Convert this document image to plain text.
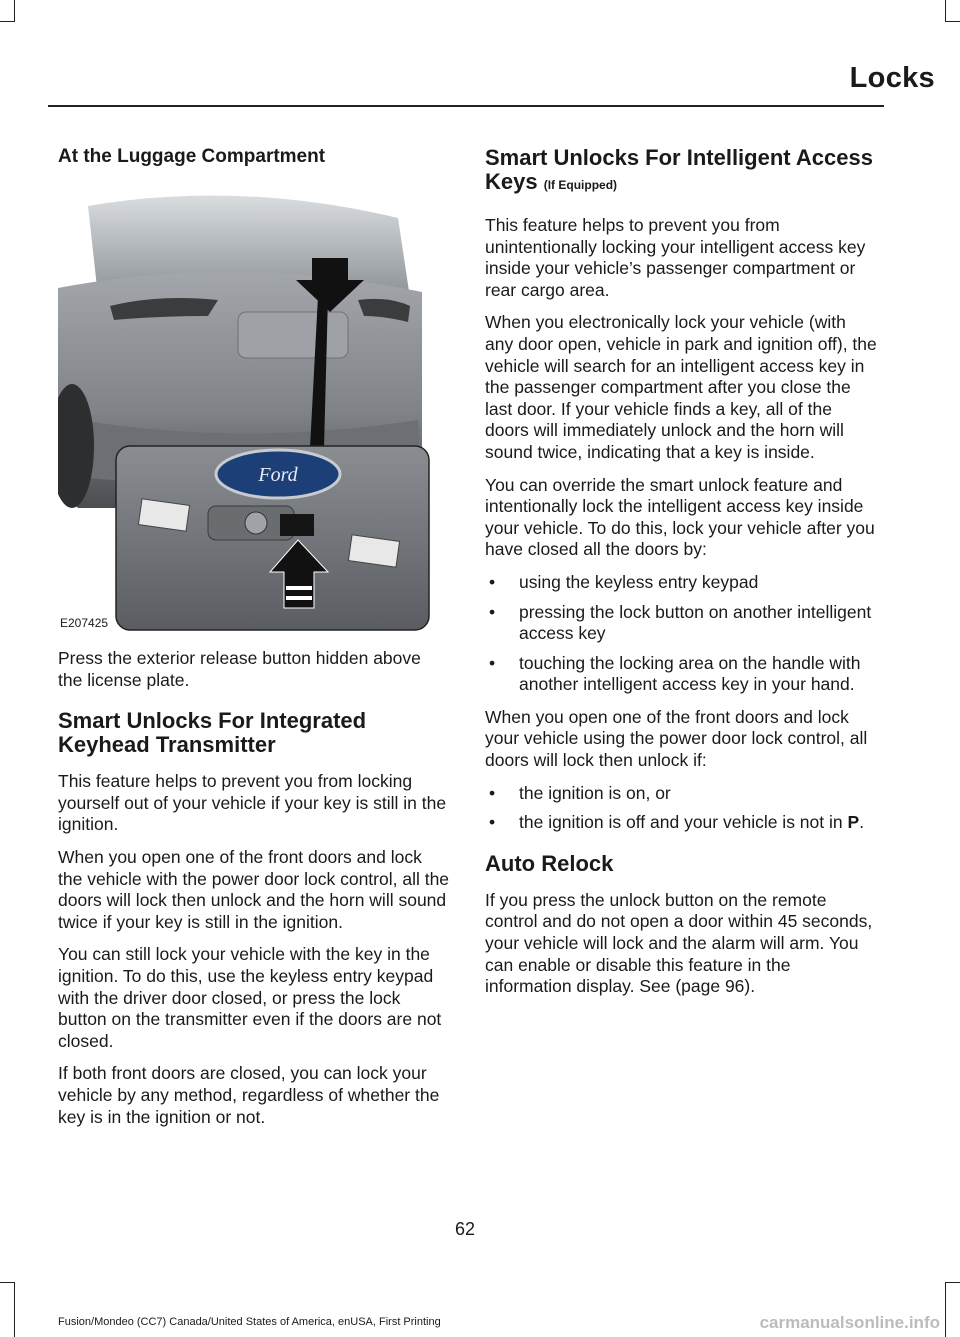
Locks
At the Luggage Compartment
Ford
E207425

Press the exterior release button hidden above the license plate.

Smart Unlocks For Integrated Keyhead Transmitter

This feature helps to prevent you from locking yourself out of your vehicle if your key is still in the ignition.

When you open one of the front doors and lock the vehicle with the power door lock control, all the doors will lock then unlock and the horn will sound twice if your key is still in the ignition.

You can still lock your vehicle with the key in the ignition. To do this, use the keyless entry keypad with the driver door closed, or press the lock button on the transmitter even if the doors are not closed.

If both front doors are closed, you can lock your vehicle by any method, regardless of whether the key is in the ignition or not.

Smart Unlocks For Intelligent Access Keys (If Equipped)

This feature helps to prevent you from unintentionally locking your intelligent access key inside your vehicle’s passenger compartment or rear cargo area.

When you electronically lock your vehicle (with any door open, vehicle in park and ignition off), the vehicle will search for an intelligent access key in the passenger compartment after you close the last door. If your vehicle finds a key, all of the doors will immediately unlock and the horn will sound twice, indicating that a key is inside.

You can override the smart unlock feature and intentionally lock the intelligent access key inside your vehicle. To do this, lock your vehicle after you have closed all the doors by:

• using the keyless entry keypad
• pressing the lock button on another intelligent access key
• touching the locking area on the handle with another intelligent access key in your hand.

When you open one of the front doors and lock your vehicle using the power door lock control, all doors will lock then unlock if:

• the ignition is on, or
• the ignition is off and your vehicle is not in P.
Auto Relock

If you press the unlock button on the remote control and do not open a door within 45 seconds, your vehicle will lock and the alarm will arm. You can enable or disable this feature in the information display. See (page 96).

62
Fusion/Mondeo (CC7) Canada/United States of America, enUSA, First Printing	carmanualsonline.info
